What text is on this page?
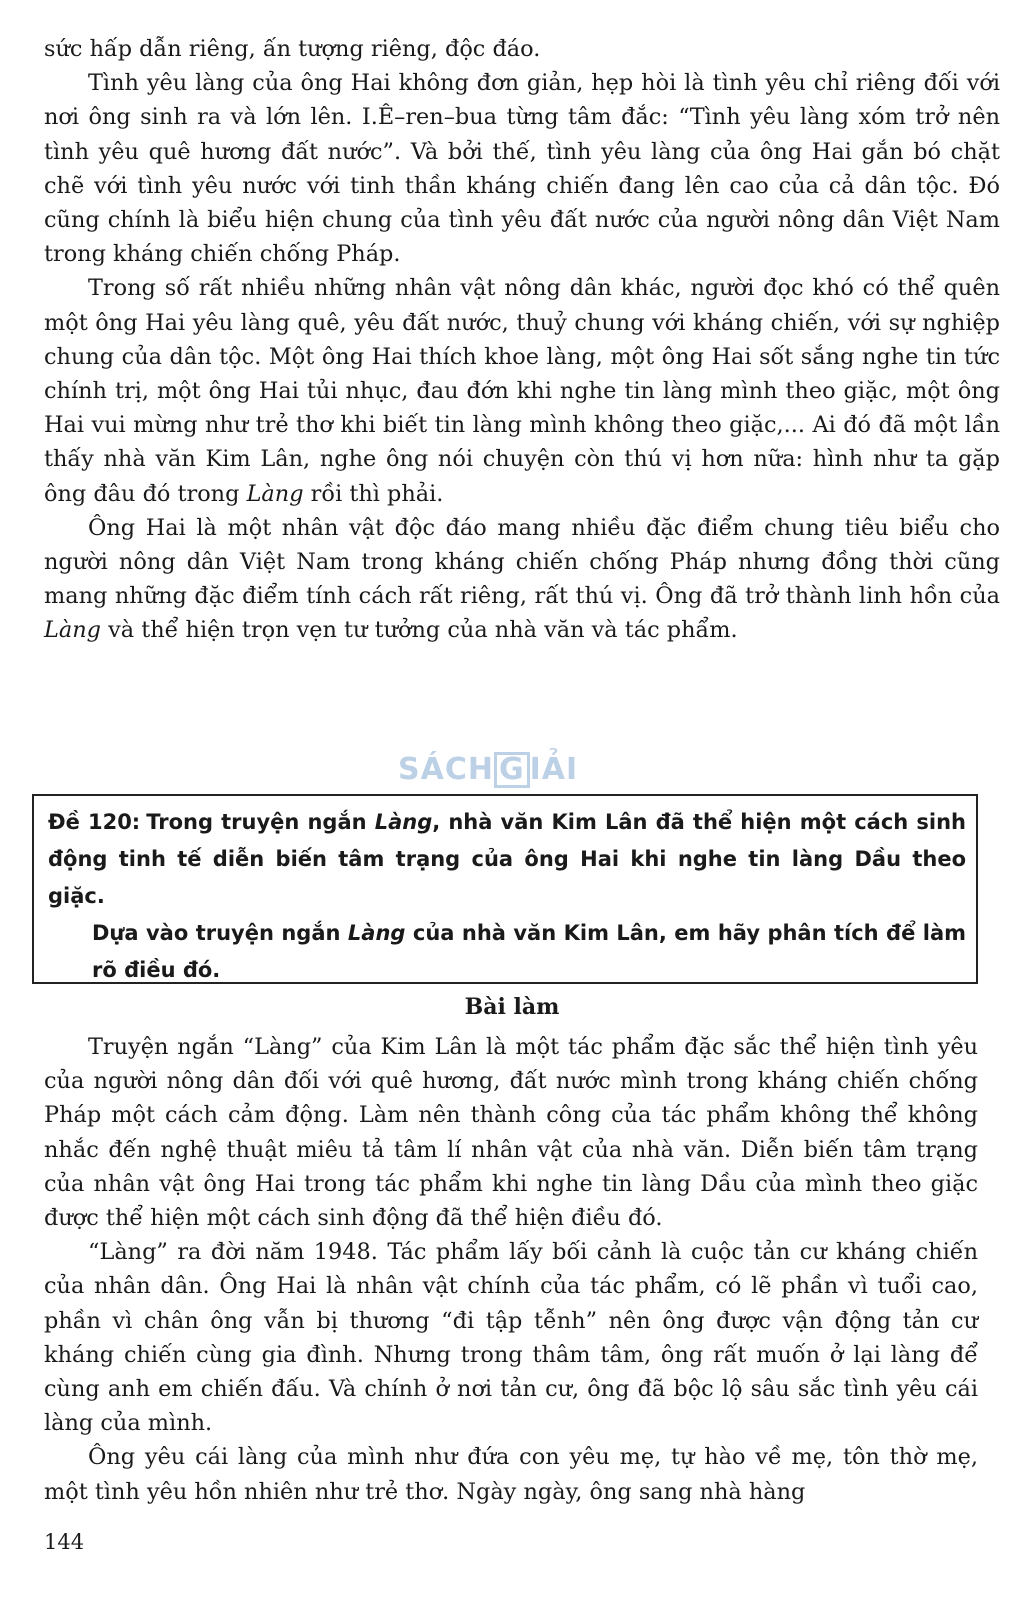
sức hấp dẫn riêng, ấn tượng riêng, độc đáo.

Tình yêu làng của ông Hai không đơn giản, hẹp hòi là tình yêu chỉ riêng đối với nơi ông sinh ra và lớn lên. I.Ê–ren–bua từng tâm đắc: “Tình yêu làng xóm trở nên tình yêu quê hương đất nước”. Và bởi thế, tình yêu làng của ông Hai gắn bó chặt chẽ với tình yêu nước với tinh thần kháng chiến đang lên cao của cả dân tộc. Đó cũng chính là biểu hiện chung của tình yêu đất nước của người nông dân Việt Nam trong kháng chiến chống Pháp.

Trong số rất nhiều những nhân vật nông dân khác, người đọc khó có thể quên một ông Hai yêu làng quê, yêu đất nước, thuỷ chung với kháng chiến, với sự nghiệp chung của dân tộc. Một ông Hai thích khoe làng, một ông Hai sốt sắng nghe tin tức chính trị, một ông Hai tủi nhục, đau đớn khi nghe tin làng mình theo giặc, một ông Hai vui mừng như trẻ thơ khi biết tin làng mình không theo giặc,... Ai đó đã một lần thấy nhà văn Kim Lân, nghe ông nói chuyện còn thú vị hơn nữa: hình như ta gặp ông đâu đó trong Làng rồi thì phải.

Ông Hai là một nhân vật độc đáo mang nhiều đặc điểm chung tiêu biểu cho người nông dân Việt Nam trong kháng chiến chống Pháp nhưng đồng thời cũng mang những đặc điểm tính cách rất riêng, rất thú vị. Ông đã trở thành linh hồn của Làng và thể hiện trọn vẹn tư tưởng của nhà văn và tác phẩm.

SÁCH G IẢI
Đề 120: Trong truyện ngắn Làng, nhà văn Kim Lân đã thể hiện một cách sinh động tinh tế diễn biến tâm trạng của ông Hai khi nghe tin làng Dầu theo giặc.
Dựa vào truyện ngắn Làng của nhà văn Kim Lân, em hãy phân tích để làm rõ điều đó.
Bài làm

Truyện ngắn “Làng” của Kim Lân là một tác phẩm đặc sắc thể hiện tình yêu của người nông dân đối với quê hương, đất nước mình trong kháng chiến chống Pháp một cách cảm động. Làm nên thành công của tác phẩm không thể không nhắc đến nghệ thuật miêu tả tâm lí nhân vật của nhà văn. Diễn biến tâm trạng của nhân vật ông Hai trong tác phẩm khi nghe tin làng Dầu của mình theo giặc được thể hiện một cách sinh động đã thể hiện điều đó.

“Làng” ra đời năm 1948. Tác phẩm lấy bối cảnh là cuộc tản cư kháng chiến của nhân dân. Ông Hai là nhân vật chính của tác phẩm, có lẽ phần vì tuổi cao, phần vì chân ông vẫn bị thương “đi tập tễnh” nên ông được vận động tản cư kháng chiến cùng gia đình. Nhưng trong thâm tâm, ông rất muốn ở lại làng để cùng anh em chiến đấu. Và chính ở nơi tản cư, ông đã bộc lộ sâu sắc tình yêu cái làng của mình.

Ông yêu cái làng của mình như đứa con yêu mẹ, tự hào về mẹ, tôn thờ mẹ, một tình yêu hồn nhiên như trẻ thơ. Ngày ngày, ông sang nhà hàng

144
